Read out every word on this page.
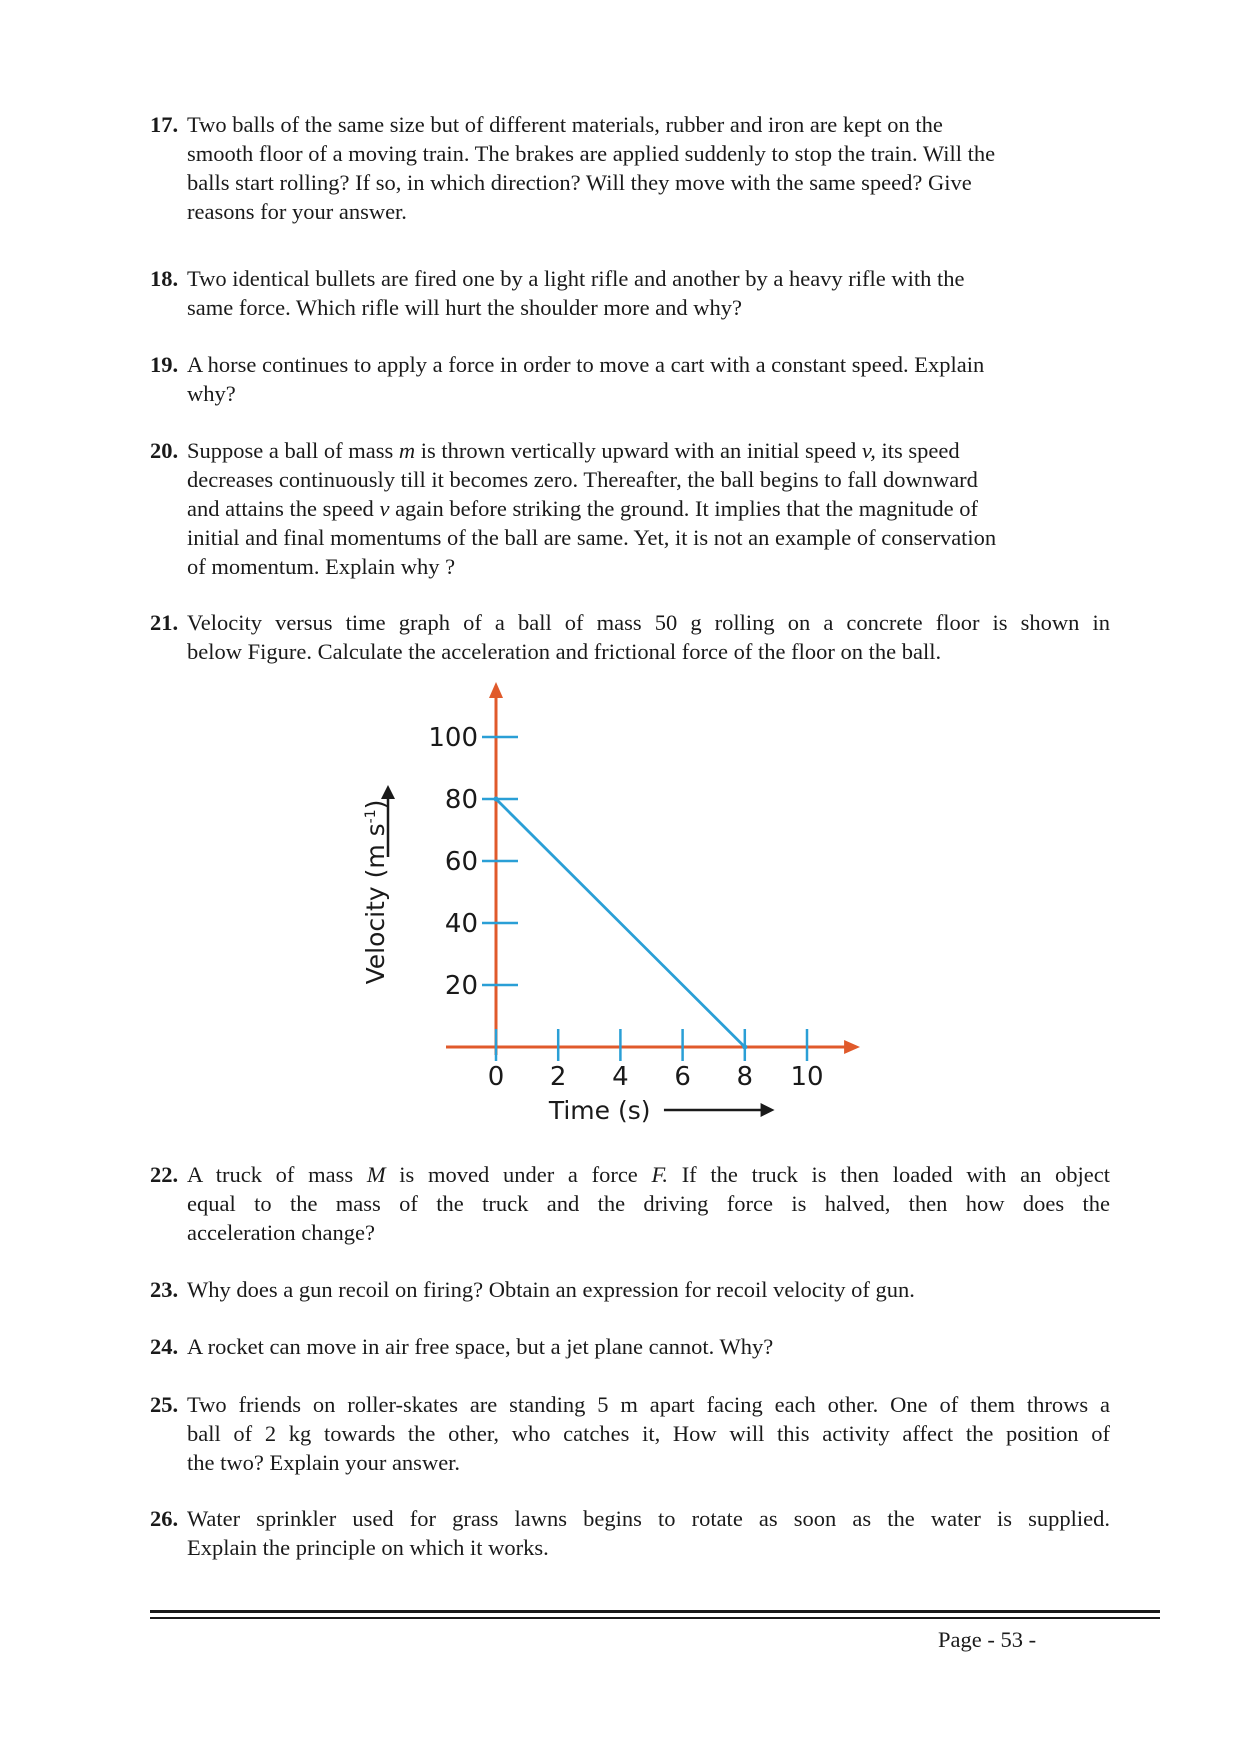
17. Two balls of the same size but of different materials, rubber and iron are kept on the
smooth floor of a moving train. The brakes are applied suddenly to stop the train. Will the
balls start rolling? If so, in which direction? Will they move with the same speed? Give
reasons for your answer.
18. Two identical bullets are fired one by a light rifle and another by a heavy rifle with the
same force. Which rifle will hurt the shoulder more and why?
19. A horse continues to apply a force in order to move a cart with a constant speed. Explain
why?
20. Suppose a ball of mass m is thrown vertically upward with an initial speed v, its speed
decreases continuously till it becomes zero. Thereafter, the ball begins to fall downward
and attains the speed v again before striking the ground. It implies that the magnitude of
initial and final momentums of the ball are same. Yet, it is not an example of conservation
of momentum. Explain why ?
21. Velocity versus time graph of a ball of mass 50 g rolling on a concrete floor is shown in
below Figure. Calculate the acceleration and frictional force of the floor on the ball.
20
40
60
80
100
0 2 4 6 8 10
Time (s)
Velocity (m $s^{-1}$)
22. A truck of mass M is moved under a force F. If the truck is then loaded with an object
equal to the mass of the truck and the driving force is halved, then how does the
acceleration change?
23. Why does a gun recoil on firing? Obtain an expression for recoil velocity of gun.
24. A rocket can move in air free space, but a jet plane cannot. Why?
25. Two friends on roller-skates are standing 5 m apart facing each other. One of them throws a
ball of 2 kg towards the other, who catches it, How will this activity affect the position of
the two? Explain your answer.
26. Water sprinkler used for grass lawns begins to rotate as soon as the water is supplied.
Explain the principle on which it works.
Page - 53 -
